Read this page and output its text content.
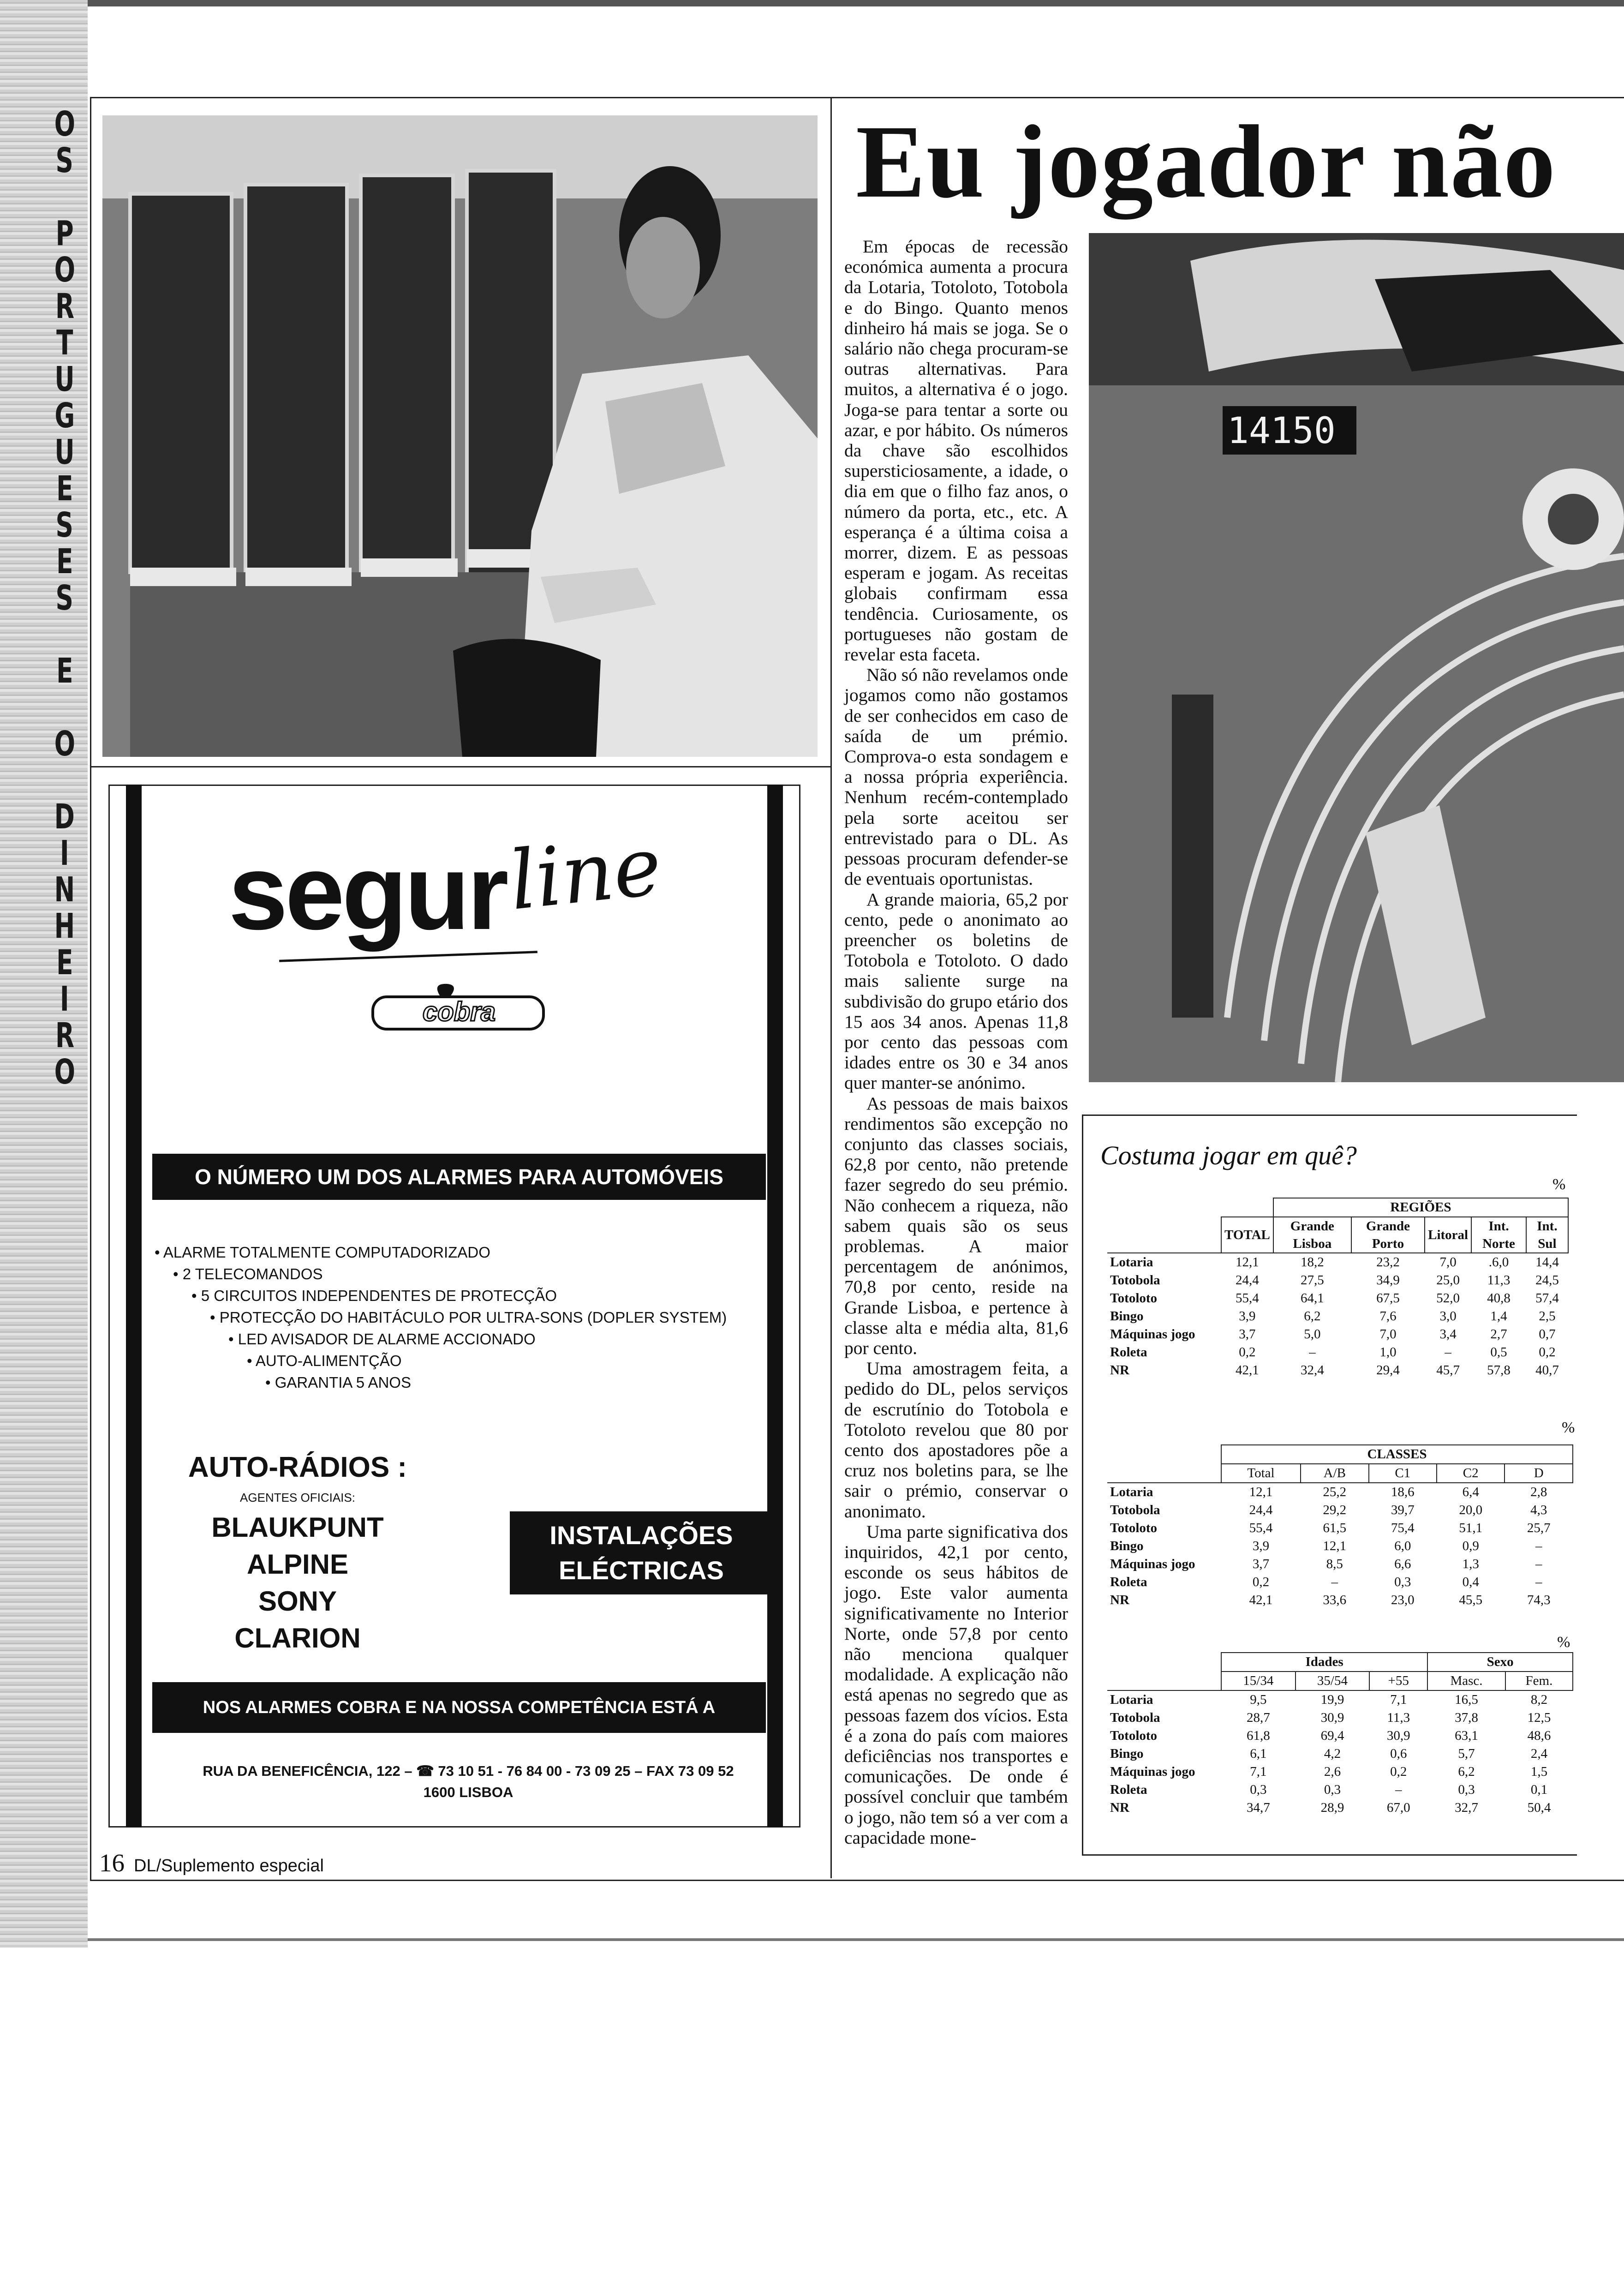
O
S
P
O
R
T
U
G
U
E
S
E
S
E
O
D
I
N
H
E
I
R
O
Eu jogador não

Em épocas de recessão económica aumenta a procura da Lotaria, Totoloto, Totobola e do Bingo. Quanto menos dinheiro há mais se joga. Se o salário não chega procuram-se outras alternativas. Para muitos, a alternativa é o jogo. Joga-se para tentar a sorte ou azar, e por hábito. Os números da chave são escolhidos supersticiosamente, a idade, o dia em que o filho faz anos, o número da porta, etc., etc. A esperança é a última coisa a morrer, dizem. E as pessoas esperam e jogam. As receitas globais confirmam essa tendência. Curiosamente, os portugueses não gostam de revelar esta faceta.

Não só não revelamos onde jogamos como não gostamos de ser conhecidos em caso de saída de um prémio. Comprova-o esta sondagem e a nossa própria experiência. Nenhum recém-contemplado pela sorte aceitou ser entrevistado para o DL. As pessoas procuram defender-se de eventuais oportunistas.

A grande maioria, 65,2 por cento, pede o anonimato ao preencher os boletins de Totobola e Totoloto. O dado mais saliente surge na subdivisão do grupo etário dos 15 aos 34 anos. Apenas 11,8 por cento das pessoas com idades entre os 30 e 34 anos quer manter-se anónimo.

As pessoas de mais baixos rendimentos são excepção no conjunto das classes sociais, 62,8 por cento, não pretende fazer segredo do seu prémio. Não conhecem a riqueza, não sabem quais são os seus problemas. A maior percentagem de anónimos, 70,8 por cento, reside na Grande Lisboa, e pertence à classe alta e média alta, 81,6 por cento.

Uma amostragem feita, a pedido do DL, pelos serviços de escrutínio do Totobola e Totoloto revelou que 80 por cento dos apostadores põe a cruz nos boletins para, se lhe sair o prémio, conservar o anonimato.

Uma parte significativa dos inquiridos, 42,1 por cento, esconde os seus hábitos de jogo. Este valor aumenta significativamente no Interior Norte, onde 57,8 por cento não menciona qualquer modalidade. A explicação não está apenas no segredo que as pessoas fazem dos vícios. Esta é a zona do país com maiores deficiências nos transportes e comunicações. De onde é possível concluir que também o jogo, não tem só a ver com a capacidade mone-

14150
segur
line
cobra
O NÚMERO UM DOS ALARMES PARA AUTOMÓVEIS
• ALARME TOTALMENTE COMPUTADORIZADO
• 2 TELECOMANDOS
• 5 CIRCUITOS INDEPENDENTES DE PROTECÇÃO
• PROTECÇÃO DO HABITÁCULO POR ULTRA-SONS (DOPLER SYSTEM)
• LED AVISADOR DE ALARME ACCIONADO
• AUTO-ALIMENTÇÃO
• GARANTIA 5 ANOS
AUTO-RÁDIOS :
AGENTES OFICIAIS:
BLAUKPUNT
ALPINE
SONY
CLARION
INSTALAÇÕES
ELÉCTRICAS
NOS ALARMES COBRA E NA NOSSA COMPETÊNCIA ESTÁ A DIFERENÇA
RUA DA BENEFICÊNCIA, 122 – ☎ 73 10 51 - 76 84 00 - 73 09 25 – FAX 73 09 52
1600 LISBOA
16 DL/Suplemento especial
Costuma jogar em quê?
%
		REGIÕES				
	TOTAL	Grande Lisboa	Grande Porto	Litoral	Int. Norte	Int. Sul
Lotaria	12,1	18,2	23,2	7,0	.6,0	14,4
Totobola	24,4	27,5	34,9	25,0	11,3	24,5
Totoloto	55,4	64,1	67,5	52,0	40,8	57,4
Bingo	3,9	6,2	7,6	3,0	1,4	2,5
Máquinas jogo	3,7	5,0	7,0	3,4	2,7	0,7
Roleta	0,2	–	1,0	–	0,5	0,2
NR	42,1	32,4	29,4	45,7	57,8	40,7
%
	CLASSES				
	Total	A/B	C1	C2	D
Lotaria	12,1	25,2	18,6	6,4	2,8
Totobola	24,4	29,2	39,7	20,0	4,3
Totoloto	55,4	61,5	75,4	51,1	25,7
Bingo	3,9	12,1	6,0	0,9	–
Máquinas jogo	3,7	8,5	6,6	1,3	–
Roleta	0,2	–	0,3	0,4	–
NR	42,1	33,6	23,0	45,5	74,3
%
	Idades			Sexo	
	15/34	35/54	+55	Masc.	Fem.
Lotaria	9,5	19,9	7,1	16,5	8,2
Totobola	28,7	30,9	11,3	37,8	12,5
Totoloto	61,8	69,4	30,9	63,1	48,6
Bingo	6,1	4,2	0,6	5,7	2,4
Máquinas jogo	7,1	2,6	0,2	6,2	1,5
Roleta	0,3	0,3	–	0,3	0,1
NR	34,7	28,9	67,0	32,7	50,4
